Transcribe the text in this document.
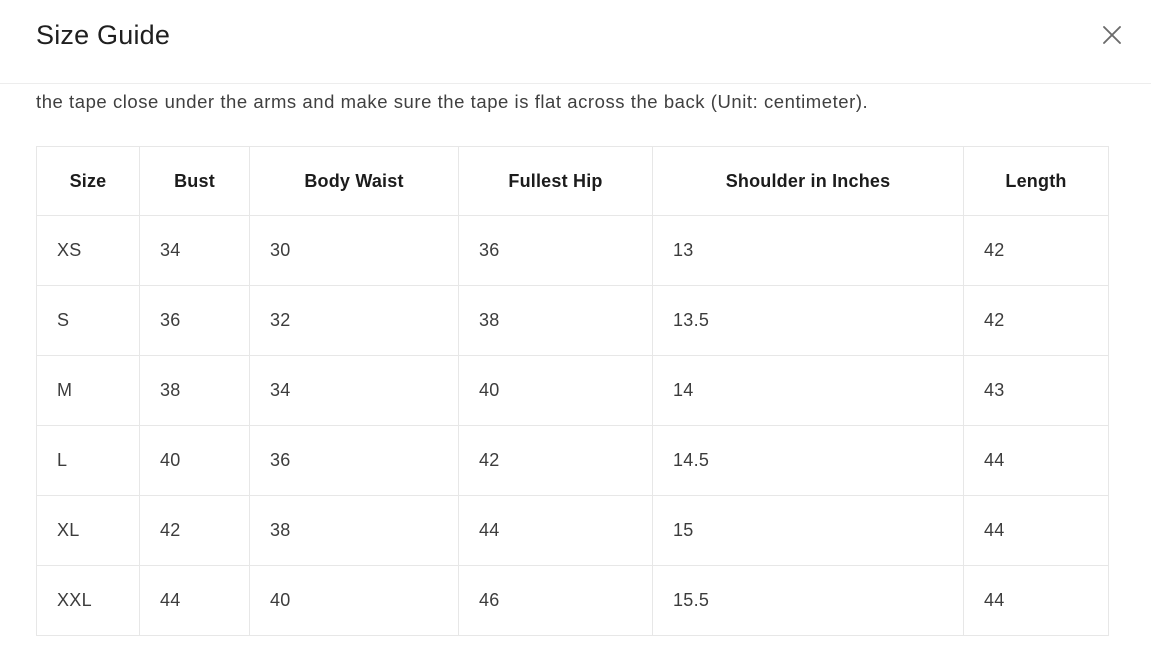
Size Guide

the tape close under the arms and make sure the tape is flat across the back (Unit: centimeter).

Size	Bust	Body Waist	Fullest Hip	Shoulder in Inches	Length
XS	34	30	36	13	42
S	36	32	38	13.5	42
M	38	34	40	14	43
L	40	36	42	14.5	44
XL	42	38	44	15	44
XXL	44	40	46	15.5	44
